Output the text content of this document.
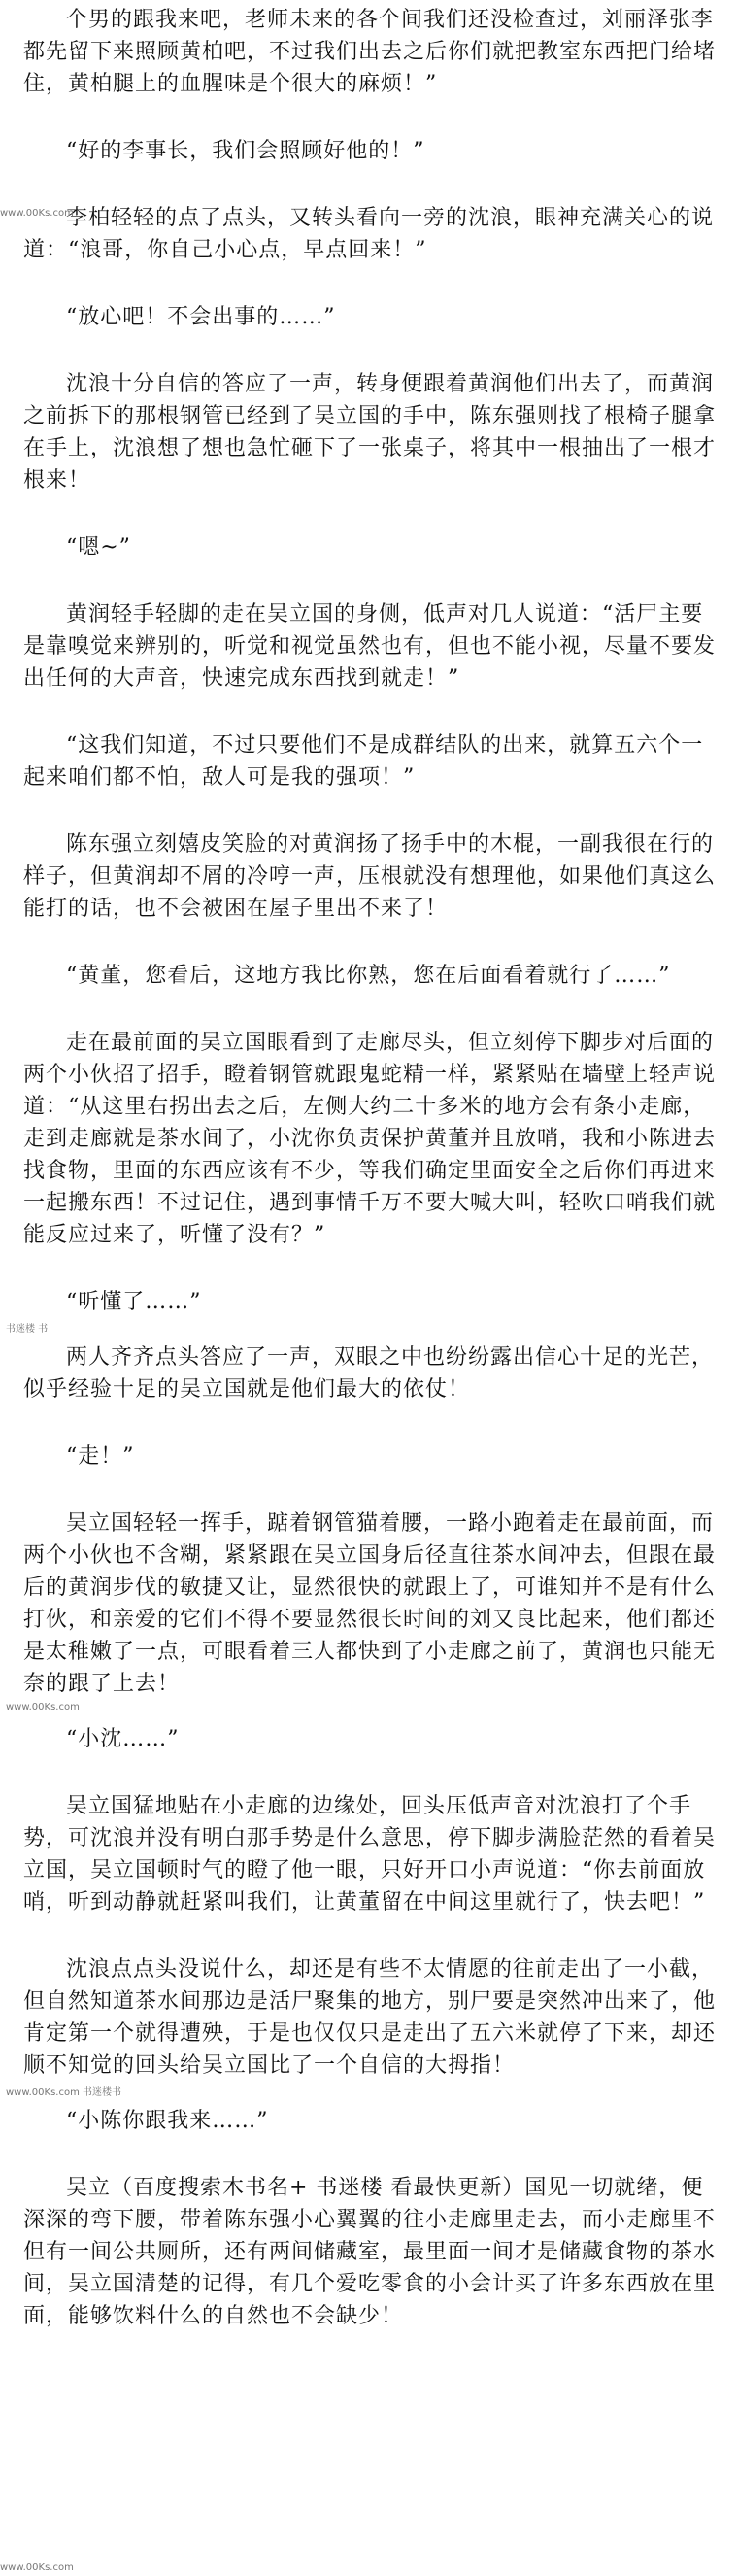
个男的跟我来吧，老师未来的各个间我们还没检查过，刘丽泽张李都先留下来照顾黄柏吧，不过我们出去之后你们就把教室东西把门给堵住，黄柏腿上的血腥味是个很大的麻烦！”

www.00Ks.com

“好的李事长，我们会照顾好他的！”

李柏轻轻的点了点头，又转头看向一旁的沈浪，眼神充满关心的说道：“浪哥，你自己小心点，早点回来！”

“放心吧！不会出事的……”

沈浪十分自信的答应了一声，转身便跟着黄润他们出去了，而黄润之前拆下的那根钢管已经到了吴立国的手中，陈东强则找了根椅子腿拿在手上，沈浪想了想也急忙砸下了一张桌子，将其中一根抽出了一根才根来！

“嗯~”

黄润轻手轻脚的走在吴立国的身侧，低声对几人说道：“活尸主要是靠嗅觉来辨别的，听觉和视觉虽然也有，但也不能小视，尽量不要发出任何的大声音，快速完成东西找到就走！”

“这我们知道，不过只要他们不是成群结队的出来，就算五六个一起来咱们都不怕，敌人可是我的强项！”

陈东强立刻嬉皮笑脸的对黄润扬了扬手中的木棍，一副我很在行的样子，但黄润却不屑的冷哼一声，压根就没有想理他，如果他们真这么能打的话，也不会被困在屋子里出不来了！

“黄董，您看后，这地方我比你熟，您在后面看着就行了……”

走在最前面的吴立国眼看到了走廊尽头，但立刻停下脚步对后面的两个小伙招了招手，瞪着钢管就跟鬼蛇精一样，紧紧贴在墙壁上轻声说道：“从这里右拐出去之后，左侧大约二十多米的地方会有条小走廊，走到走廊就是茶水间了，小沈你负责保护黄董并且放哨，我和小陈进去找食物，里面的东西应该有不少，等我们确定里面安全之后你们再进来一起搬东西！不过记住，遇到事情千万不要大喊大叫，轻吹口哨我们就能反应过来了，听懂了没有？”

“听懂了……”

书迷楼 书

两人齐齐点头答应了一声，双眼之中也纷纷露出信心十足的光芒，似乎经验十足的吴立国就是他们最大的依仗！

“走！”

吴立国轻轻一挥手，踮着钢管猫着腰，一路小跑着走在最前面，而两个小伙也不含糊，紧紧跟在吴立国身后径直往茶水间冲去，但跟在最后的黄润步伐的敏捷又让，显然很快的就跟上了，可谁知并不是有什么打伙，和亲爱的它们不得不要显然很长时间的刘又良比起来，他们都还是太稚嫩了一点，可眼看着三人都快到了小走廊之前了，黄润也只能无奈的跟了上去！

www.00Ks.com

“小沈……”

吴立国猛地贴在小走廊的边缘处，回头压低声音对沈浪打了个手势，可沈浪并没有明白那手势是什么意思，停下脚步满脸茫然的看着吴立国，吴立国顿时气的瞪了他一眼，只好开口小声说道：“你去前面放哨，听到动静就赶紧叫我们，让黄董留在中间这里就行了，快去吧！”

沈浪点点头没说什么，却还是有些不太情愿的往前走出了一小截，但自然知道茶水间那边是活尸聚集的地方，别尸要是突然冲出来了，他肯定第一个就得遭殃，于是也仅仅只是走出了五六米就停了下来，却还顺不知觉的回头给吴立国比了一个自信的大拇指！

www.00Ks.com 书迷楼书

“小陈你跟我来……”

吴立（百度搜索木书名+ 书迷楼 看最快更新）国见一切就绪，便深深的弯下腰，带着陈东强小心翼翼的往小走廊里走去，而小走廊里不但有一间公共厕所，还有两间储藏室，最里面一间才是储藏食物的茶水间，吴立国清楚的记得，有几个爱吃零食的小会计买了许多东西放在里面，能够饮料什么的自然也不会缺少！

www.00Ks.com
